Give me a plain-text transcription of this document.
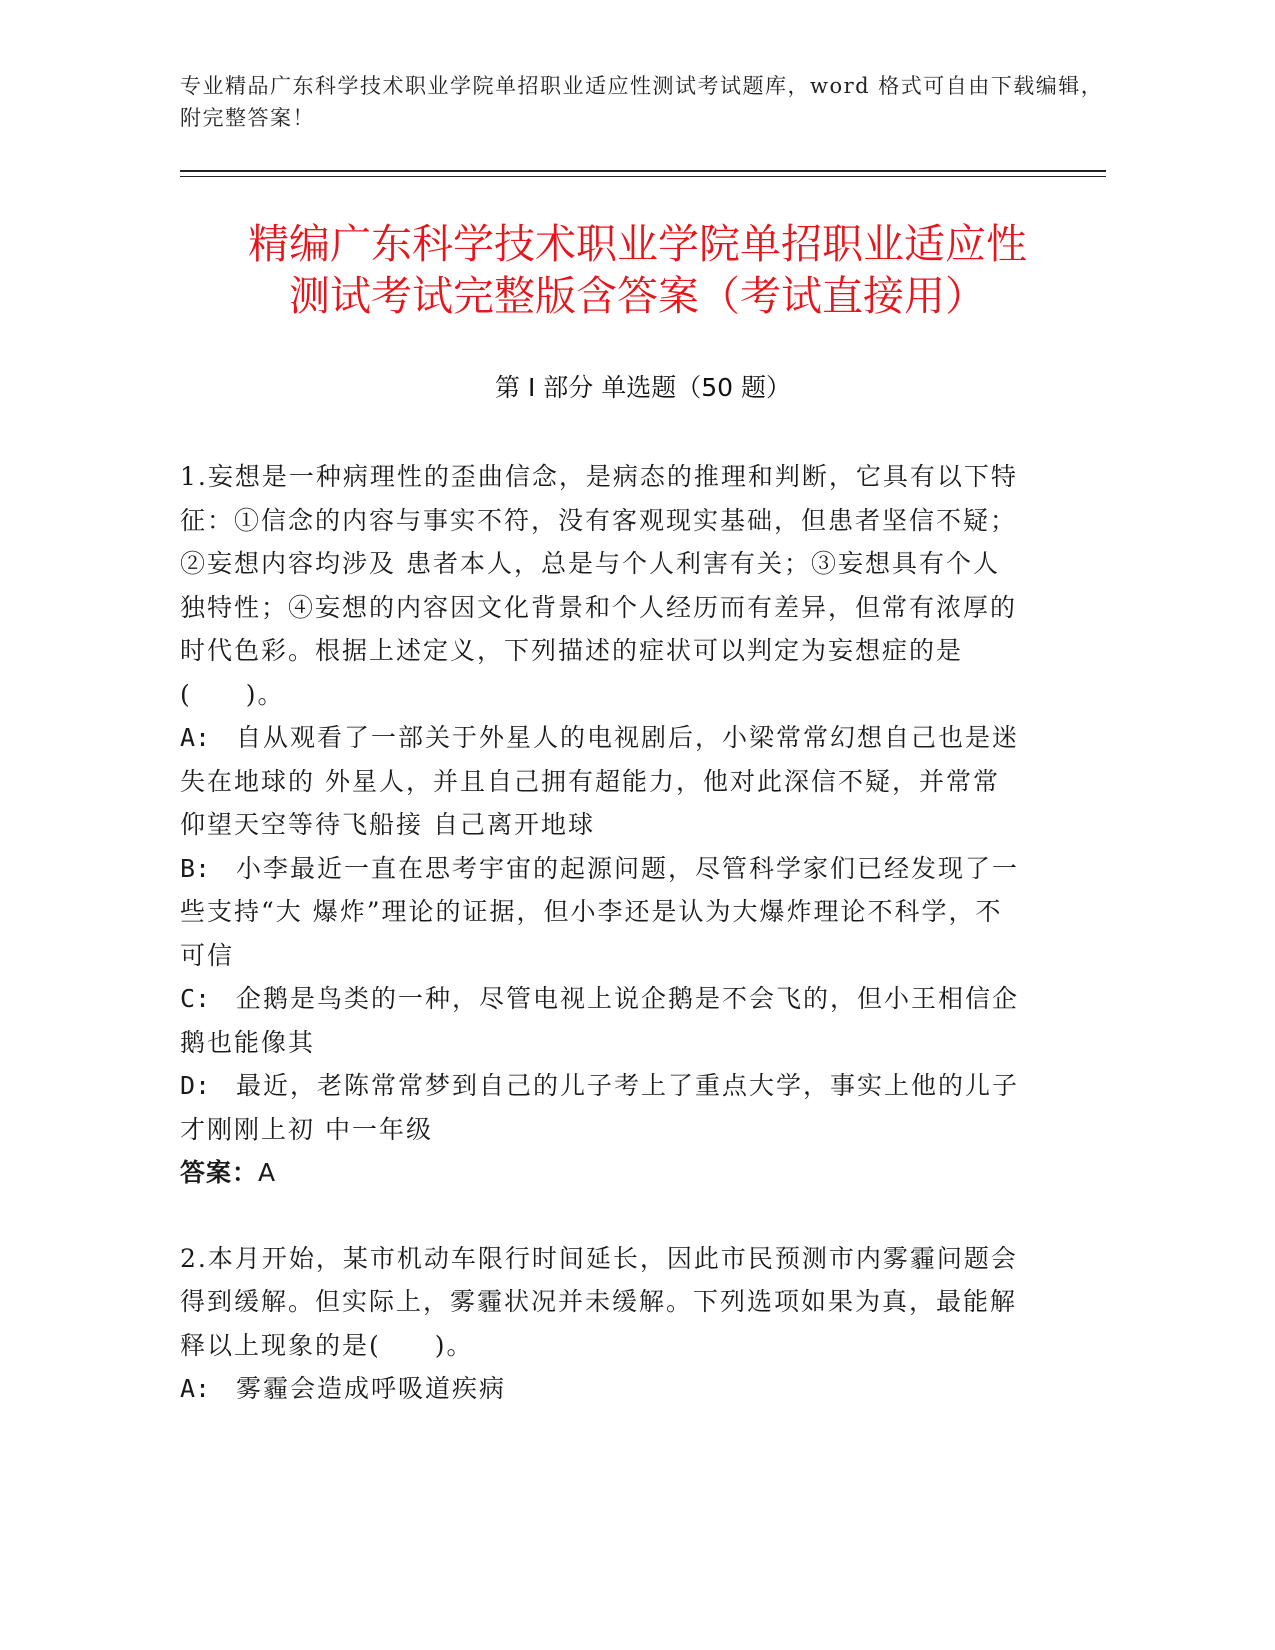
专业精品广东科学技术职业学院单招职业适应性测试考试题库，word 格式可自由下载编辑，附完整答案！
精编广东科学技术职业学院单招职业适应性
测试考试完整版含答案（考试直接用）
第 I 部分 单选题（50 题）

1.妄想是一种病理性的歪曲信念，是病态的推理和判断，它具有以下特征：①信念的内容与事实不符，没有客观现实基础，但患者坚信不疑；②妄想内容均涉及 患者本人，总是与个人利害有关；③妄想具有个人独特性；④妄想的内容因文化背景和个人经历而有差异，但常有浓厚的时代色彩。根据上述定义，下列描述的症状可以判定为妄想症的是(　　)。

A: 自从观看了一部关于外星人的电视剧后，小梁常常幻想自己也是迷失在地球的 外星人，并且自己拥有超能力，他对此深信不疑，并常常仰望天空等待飞船接 自己离开地球

B: 小李最近一直在思考宇宙的起源问题，尽管科学家们已经发现了一些支持“大 爆炸”理论的证据，但小李还是认为大爆炸理论不科学，不可信

C: 企鹅是鸟类的一种，尽管电视上说企鹅是不会飞的，但小王相信企鹅也能像其

D: 最近，老陈常常梦到自己的儿子考上了重点大学，事实上他的儿子才刚刚上初 中一年级

答案：A

2.本月开始，某市机动车限行时间延长，因此市民预测市内雾霾问题会得到缓解。但实际上，雾霾状况并未缓解。下列选项如果为真，最能解释以上现象的是(　　)。

A: 雾霾会造成呼吸道疾病
